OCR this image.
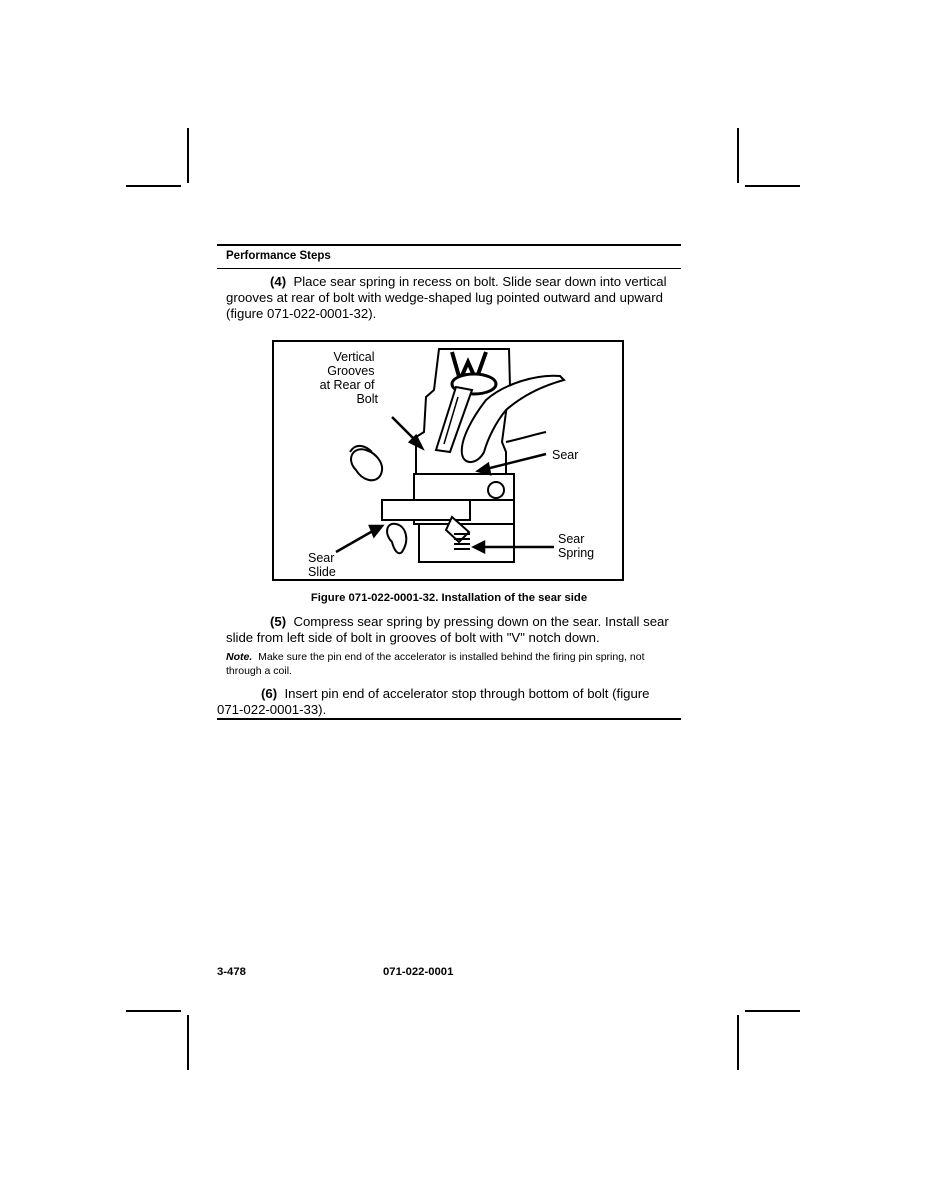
Performance Steps

(4) Place sear spring in recess on bolt. Slide sear down into vertical grooves at rear of bolt with wedge-shaped lug pointed outward and upward (figure 071-022-0001-32).

Vertical Grooves at Rear of Bolt
Sear
Sear Spring
Sear Slide
Figure 071-022-0001-32. Installation of the sear side

(5) Compress sear spring by pressing down on the sear. Install sear slide from left side of bolt in grooves of bolt with "V" notch down.

Note. Make sure the pin end of the accelerator is installed behind the firing pin spring, not through a coil.

(6) Insert pin end of accelerator stop through bottom of bolt (figure 071-022-0001-33).

3-478	071-022-0001
